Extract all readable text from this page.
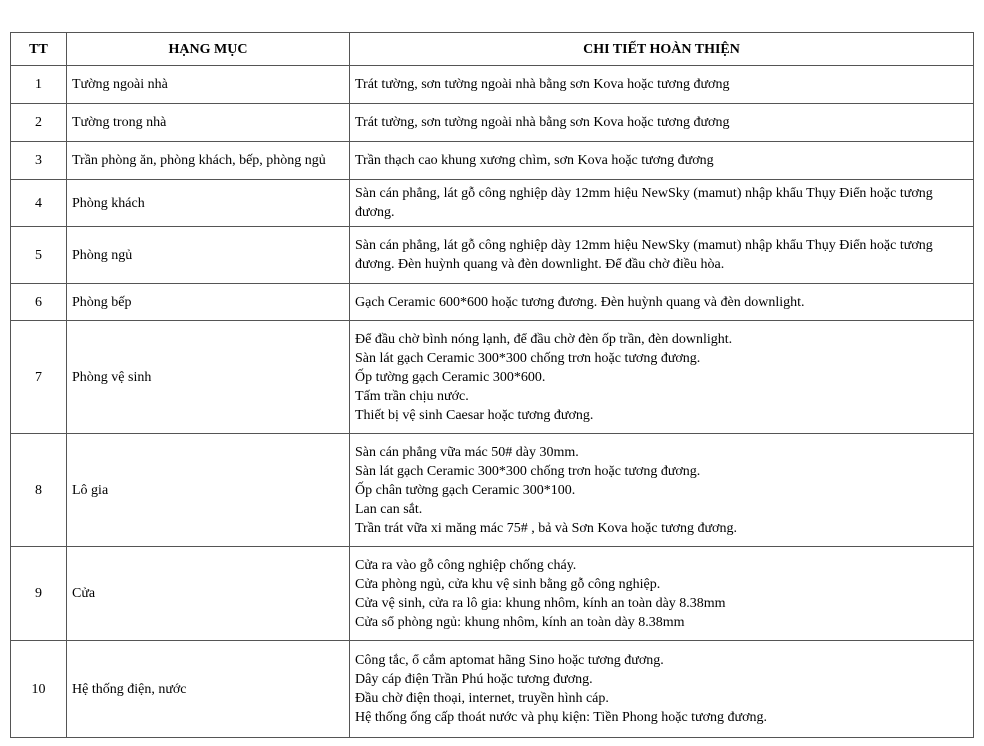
TT	HẠNG MỤC	CHI TIẾT HOÀN THIỆN
1	Tường ngoài nhà	Trát tường, sơn tường ngoài nhà bằng sơn Kova hoặc tương đương

2	Tường trong nhà	Trát tường, sơn tường ngoài nhà bằng sơn Kova hoặc tương đương

3	Trần phòng ăn, phòng khách, bếp, phòng ngủ	Trần thạch cao khung xương chìm, sơn Kova hoặc tương đương

4	Phòng khách	Sàn cán phẳng, lát gỗ công nghiệp dày 12mm hiệu NewSky (mamut) nhập khẩu Thụy Điển hoặc tương đương.

5	Phòng ngủ	Sàn cán phẳng, lát gỗ công nghiệp dày 12mm hiệu NewSky (mamut) nhập khẩu Thụy Điển hoặc tương đương. Đèn huỳnh quang và đèn downlight. Để đầu chờ điều hòa.

6	Phòng bếp	Gạch Ceramic 600*600 hoặc tương đương. Đèn huỳnh quang và đèn downlight.

7	Phòng vệ sinh	Để đầu chờ bình nóng lạnh, để đầu chờ đèn ốp trần, đèn downlight.
Sàn lát gạch Ceramic 300*300 chống trơn hoặc tương đương.
Ốp tường gạch Ceramic 300*600.
Tấm trần chịu nước.
Thiết bị vệ sinh Caesar hoặc tương đương.

8	Lô gia	Sàn cán phẳng vữa mác 50# dày 30mm.
Sàn lát gạch Ceramic 300*300 chống trơn hoặc tương đương.
Ốp chân tường gạch Ceramic 300*100.
Lan can sắt.
Trần trát vữa xi măng mác 75# , bả và Sơn Kova hoặc tương đương.

9	Cửa	Cửa ra vào gỗ công nghiệp chống cháy.
Cửa phòng ngủ, cửa khu vệ sinh bằng gỗ công nghiệp.
Cửa vệ sinh, cửa ra lô gia: khung nhôm, kính an toàn dày 8.38mm
Cửa sổ phòng ngủ: khung nhôm, kính an toàn dày 8.38mm

10	Hệ thống điện, nước	Công tắc, ổ cắm aptomat hãng Sino hoặc tương đương.
Dây cáp điện Trần Phú hoặc tương đương.
Đầu chờ điện thoại, internet, truyền hình cáp.
Hệ thống ống cấp thoát nước và phụ kiện: Tiền Phong hoặc tương đương.
